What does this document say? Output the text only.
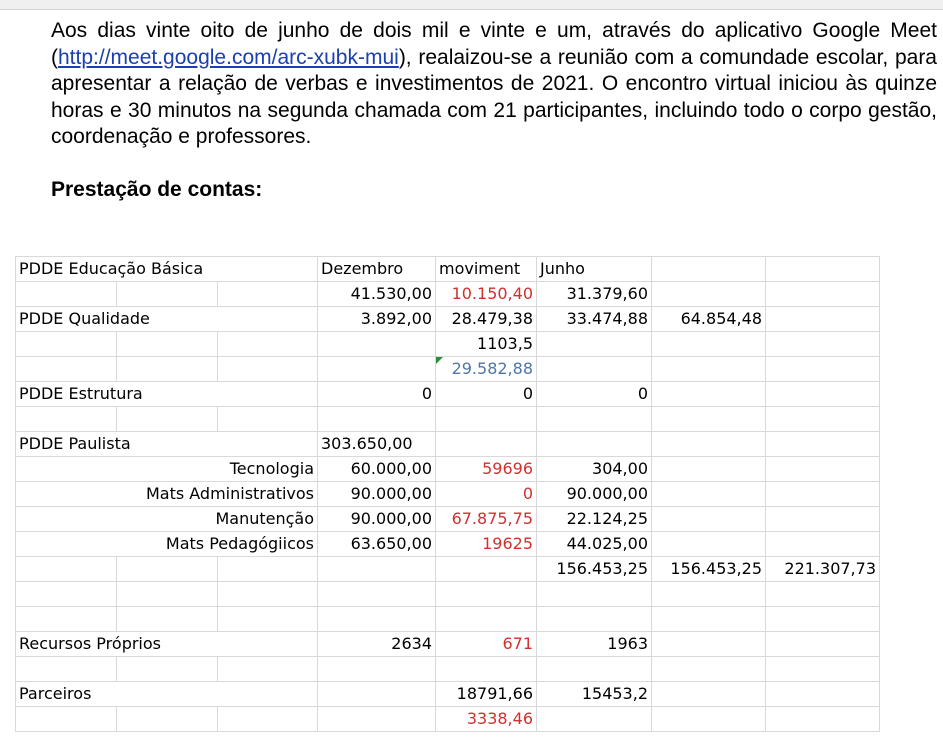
Aos dias vinte oito de junho de dois mil e vinte e um, através do aplicativo Google Meet (http://meet.google.com/arc-xubk-mui), realaizou-se a reunião com a comundade escolar, para apresentar a relação de verbas e investimentos de 2021. O encontro virtual iniciou às quinze horas e 30 minutos na segunda chamada com 21 participantes, incluindo todo o corpo gestão, coordenação e professores.

Prestação de contas:

PDDE Educação Básica			Dezembro	moviment	Junho		
			41.530,00	10.150,40	31.379,60		
PDDE Qualidade			3.892,00	28.479,38	33.474,88	64.854,48	
				1103,5			
				29.582,88			
PDDE Estrutura			0	0	0		

PDDE Paulista			303.650,00				
Tecnologia			60.000,00	59696	304,00		
Mats Administrativos			90.000,00	0	90.000,00		
Manutenção			90.000,00	67.875,75	22.124,25		
Mats Pedagógiicos			63.650,00	19625	44.025,00		
					156.453,25	156.453,25	221.307,73

Recursos Próprios			2634	671	1963		

Parceiros				18791,66	15453,2		
				3338,46			
